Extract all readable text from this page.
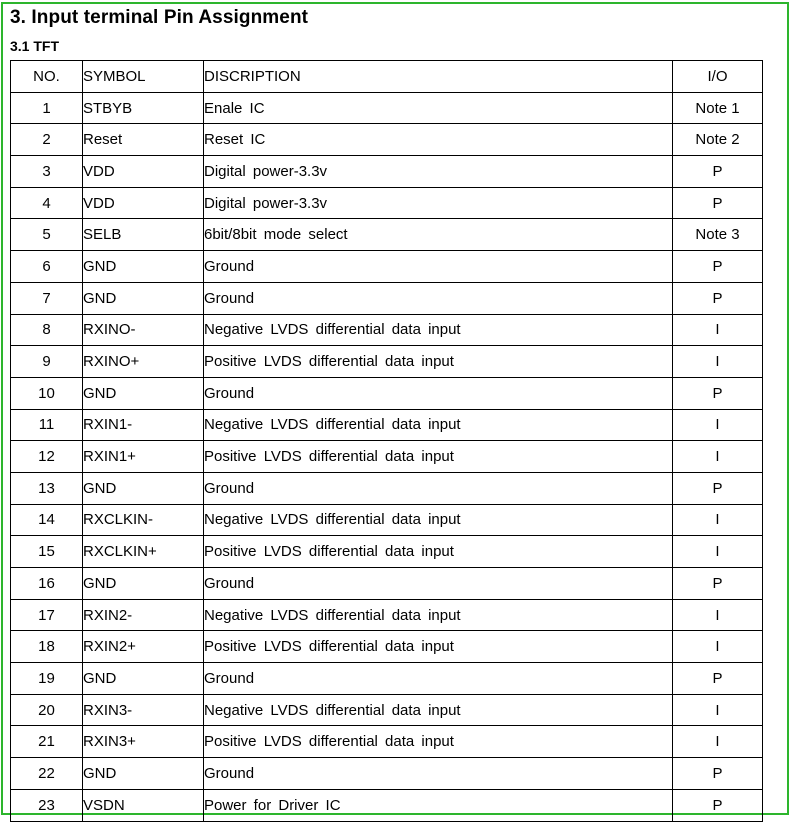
3. Input terminal Pin Assignment
3.1 TFT
NO.	SYMBOL	DISCRIPTION	I/O
1	STBYB	Enale IC	Note 1
2	Reset	Reset IC	Note 2
3	VDD	Digital power-3.3v	P
4	VDD	Digital power-3.3v	P
5	SELB	6bit/8bit mode select	Note 3
6	GND	Ground	P
7	GND	Ground	P
8	RXINO-	Negative LVDS differential data input	I
9	RXINO+	Positive LVDS differential data input	I
10	GND	Ground	P
11	RXIN1-	Negative LVDS differential data input	I
12	RXIN1+	Positive LVDS differential data input	I
13	GND	Ground	P
14	RXCLKIN-	Negative LVDS differential data input	I
15	RXCLKIN+	Positive LVDS differential data input	I
16	GND	Ground	P
17	RXIN2-	Negative LVDS differential data input	I
18	RXIN2+	Positive LVDS differential data input	I
19	GND	Ground	P
20	RXIN3-	Negative LVDS differential data input	I
21	RXIN3+	Positive LVDS differential data input	I
22	GND	Ground	P
23	VSDN	Power for Driver IC	P
